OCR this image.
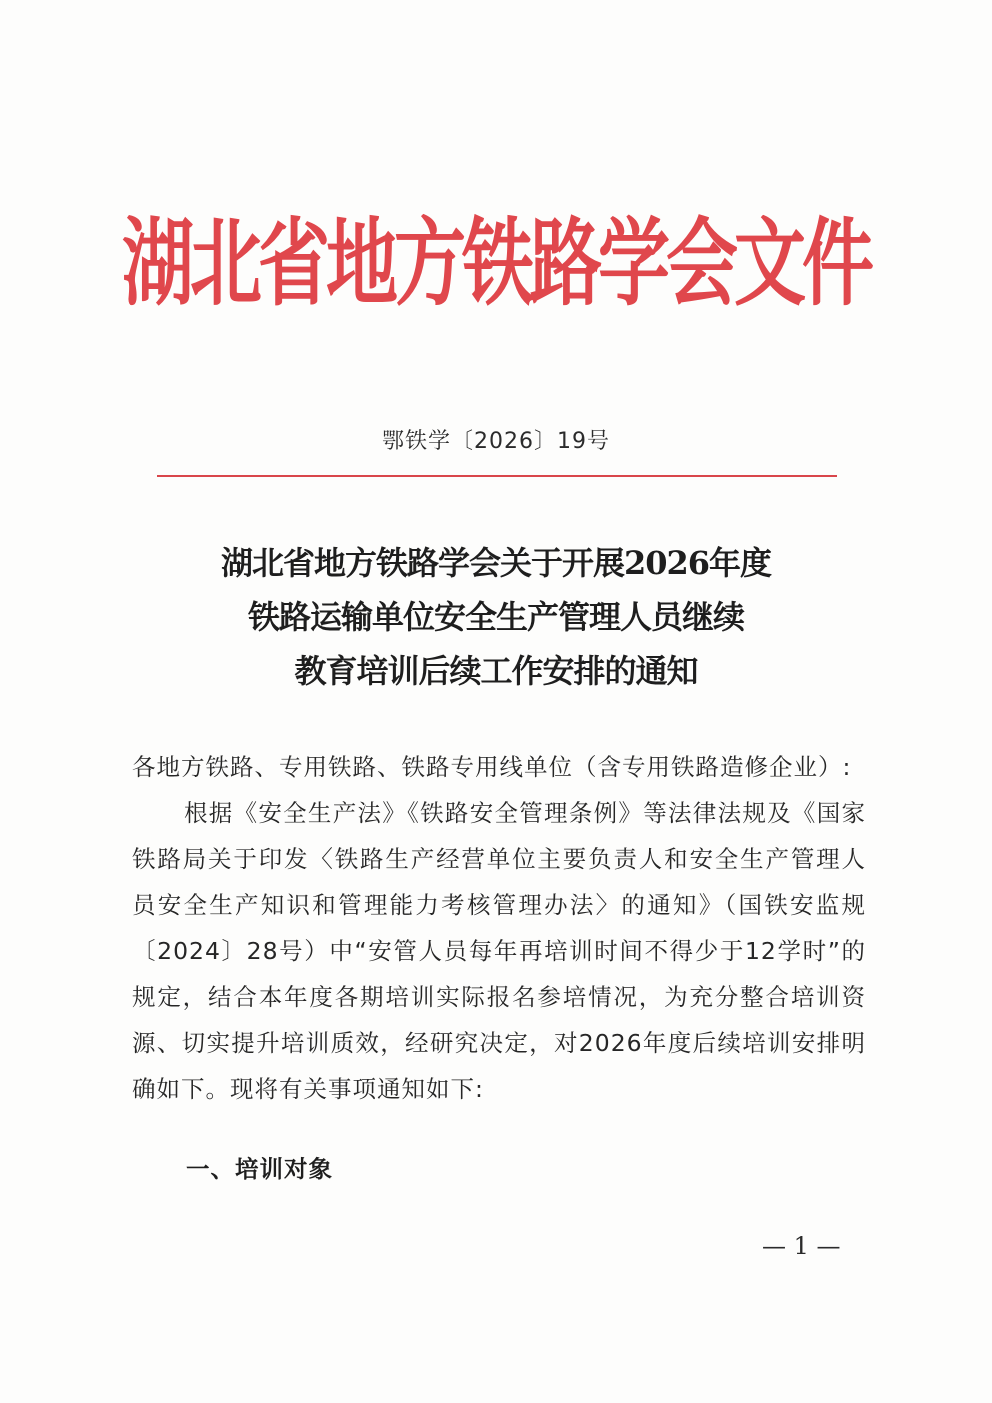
湖北省地方铁路学会文件
鄂铁学〔2026〕19号
湖北省地方铁路学会关于开展2026年度
铁路运输单位安全生产管理人员继续
教育培训后续工作安排的通知

各地方铁路、专用铁路、铁路专用线单位（含专用铁路造修企业）:

根据《安全生产法》《铁路安全管理条例》等法律法规及《国家铁路局关于印发〈铁路生产经营单位主要负责人和安全生产管理人员安全生产知识和管理能力考核管理办法〉的通知》（国铁安监规〔2024〕28号）中“安管人员每年再培训时间不得少于12学时”的规定，结合本年度各期培训实际报名参培情况，为充分整合培训资源、切实提升培训质效，经研究决定，对2026年度后续培训安排明确如下。现将有关事项通知如下:

一、培训对象
— 1 —
